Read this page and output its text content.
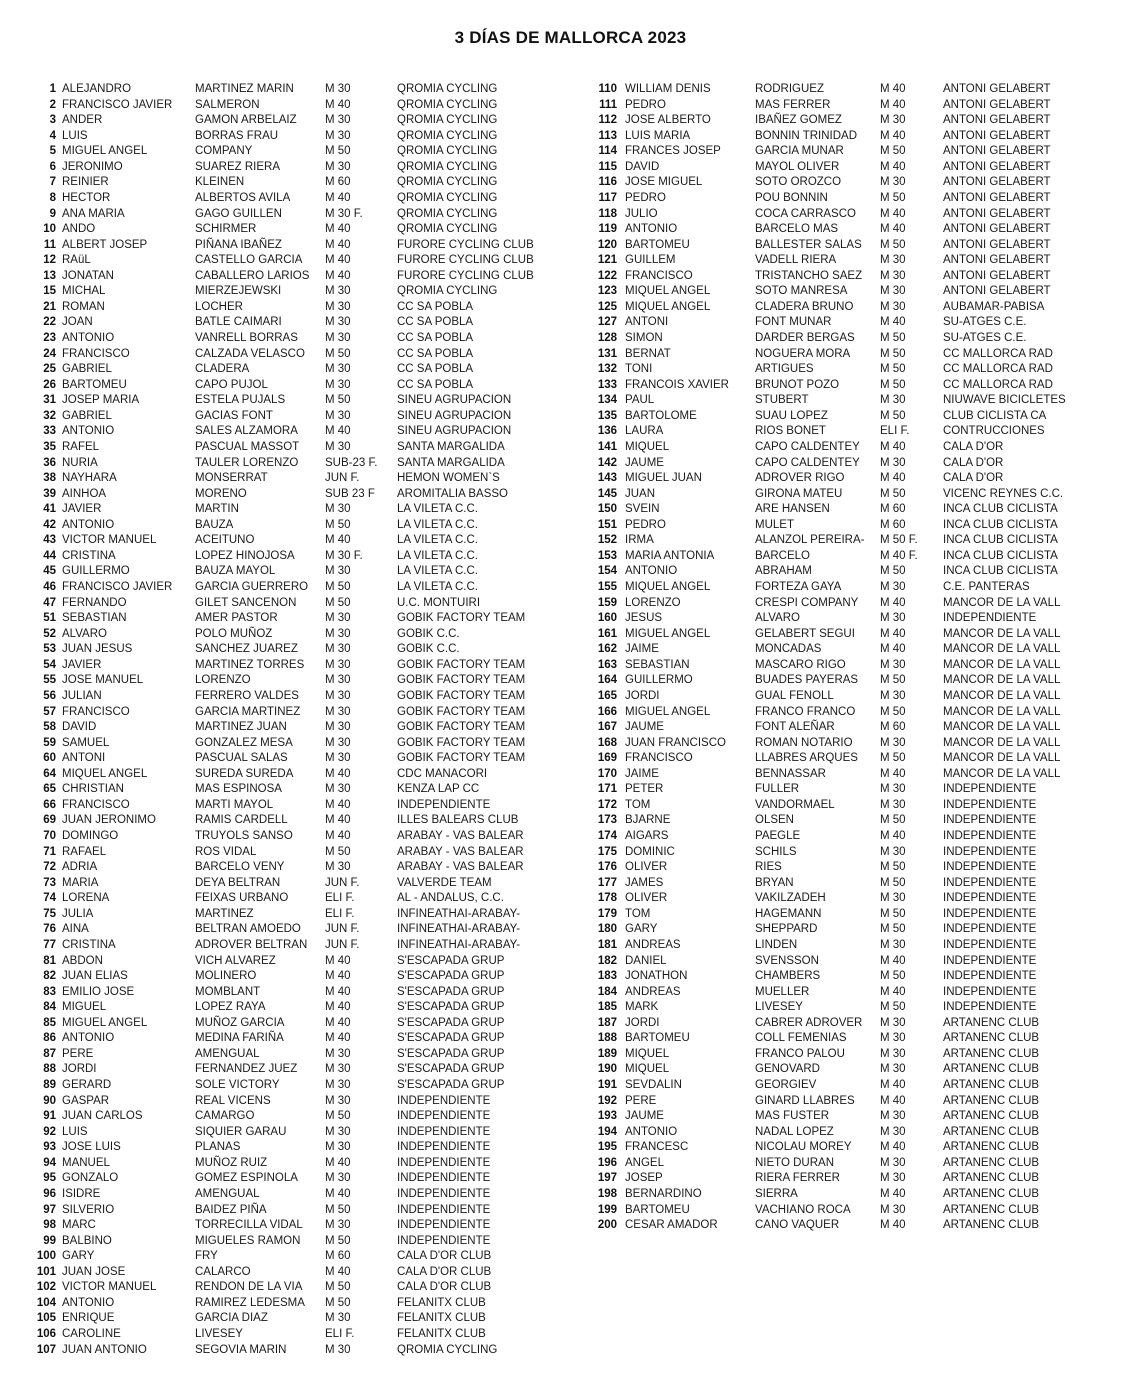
3 DÍAS DE MALLORCA 2023
1 ALEJANDRO	MARTINEZ MARIN	M 30	QROMIA CYCLING
2 FRANCISCO JAVIER	SALMERON	M 40	QROMIA CYCLING
3 ANDER	GAMON ARBELAIZ	M 30	QROMIA CYCLING
4 LUIS	BORRAS FRAU	M 30	QROMIA CYCLING
5 MIGUEL ANGEL	COMPANY	M 50	QROMIA CYCLING
6 JERONIMO	SUAREZ RIERA	M 30	QROMIA CYCLING
7 REINIER	KLEINEN	M 60	QROMIA CYCLING
8 HECTOR	ALBERTOS AVILA	M 40	QROMIA CYCLING
9 ANA MARIA	GAGO GUILLEN	M 30 F.	QROMIA CYCLING
10 ANDO	SCHIRMER	M 40	QROMIA CYCLING
11 ALBERT JOSEP	PIÑANA IBAÑEZ	M 40	FURORE CYCLING CLUB
12 RAüL	CASTELLO GARCIA	M 40	FURORE CYCLING CLUB
13 JONATAN	CABALLERO LARIOS	M 40	FURORE CYCLING CLUB
15 MICHAL	MIERZEJEWSKI	M 30	QROMIA CYCLING
21 ROMAN	LOCHER	M 30	CC SA POBLA
22 JOAN	BATLE CAIMARI	M 30	CC SA POBLA
23 ANTONIO	VANRELL BORRAS	M 30	CC SA POBLA
24 FRANCISCO	CALZADA VELASCO	M 50	CC SA POBLA
25 GABRIEL	CLADERA	M 30	CC SA POBLA
26 BARTOMEU	CAPO PUJOL	M 30	CC SA POBLA
31 JOSEP MARIA	ESTELA PUJALS	M 50	SINEU AGRUPACION
32 GABRIEL	GACIAS FONT	M 30	SINEU AGRUPACION
33 ANTONIO	SALES ALZAMORA	M 40	SINEU AGRUPACION
35 RAFEL	PASCUAL MASSOT	M 30	SANTA MARGALIDA
36 NURIA	TAULER LORENZO	SUB-23 F.	SANTA MARGALIDA
38 NAYHARA	MONSERRAT	JUN F.	HEMON WOMEN`S
39 AINHOA	MORENO	SUB 23 F	AROMITALIA BASSO
41 JAVIER	MARTIN	M 30	LA VILETA C.C.
42 ANTONIO	BAUZA	M 50	LA VILETA C.C.
43 VICTOR MANUEL	ACEITUNO	M 40	LA VILETA C.C.
44 CRISTINA	LOPEZ HINOJOSA	M 30 F.	LA VILETA C.C.
45 GUILLERMO	BAUZA MAYOL	M 30	LA VILETA C.C.
46 FRANCISCO JAVIER	GARCIA GUERRERO	M 50	LA VILETA C.C.
47 FERNANDO	GILET SANCENON	M 50	U.C. MONTUIRI
51 SEBASTIAN	AMER PASTOR	M 30	GOBIK FACTORY TEAM
52 ALVARO	POLO MUÑOZ	M 30	GOBIK C.C.
53 JUAN JESUS	SANCHEZ JUAREZ	M 30	GOBIK C.C.
54 JAVIER	MARTINEZ TORRES	M 30	GOBIK FACTORY TEAM
55 JOSE MANUEL	LORENZO	M 30	GOBIK FACTORY TEAM
56 JULIAN	FERRERO VALDES	M 30	GOBIK FACTORY TEAM
57 FRANCISCO	GARCIA MARTINEZ	M 30	GOBIK FACTORY TEAM
58 DAVID	MARTINEZ JUAN	M 30	GOBIK FACTORY TEAM
59 SAMUEL	GONZALEZ MESA	M 30	GOBIK FACTORY TEAM
60 ANTONI	PASCUAL SALAS	M 30	GOBIK FACTORY TEAM
64 MIQUEL ANGEL	SUREDA SUREDA	M 40	CDC MANACORI
65 CHRISTIAN	MAS ESPINOSA	M 30	KENZA LAP CC
66 FRANCISCO	MARTI MAYOL	M 40	INDEPENDIENTE
69 JUAN JERONIMO	RAMIS CARDELL	M 40	ILLES BALEARS CLUB
70 DOMINGO	TRUYOLS SANSO	M 40	ARABAY - VAS BALEAR
71 RAFAEL	ROS VIDAL	M 50	ARABAY - VAS BALEAR
72 ADRIA	BARCELO VENY	M 30	ARABAY - VAS BALEAR
73 MARIA	DEYA BELTRAN	JUN F.	VALVERDE TEAM
74 LORENA	FEIXAS URBANO	ELI F.	AL - ANDALUS, C.C.
75 JULIA	MARTINEZ	ELI F.	INFINEATHAI-ARABAY-
76 AINA	BELTRAN AMOEDO	JUN F.	INFINEATHAI-ARABAY-
77 CRISTINA	ADROVER BELTRAN	JUN F.	INFINEATHAI-ARABAY-
81 ABDON	VICH ALVAREZ	M 40	S'ESCAPADA GRUP
82 JUAN ELIAS	MOLINERO	M 40	S'ESCAPADA GRUP
83 EMILIO JOSE	MOMBLANT	M 40	S'ESCAPADA GRUP
84 MIGUEL	LOPEZ RAYA	M 40	S'ESCAPADA GRUP
85 MIGUEL ANGEL	MUÑOZ GARCIA	M 40	S'ESCAPADA GRUP
86 ANTONIO	MEDINA FARIÑA	M 40	S'ESCAPADA GRUP
87 PERE	AMENGUAL	M 30	S'ESCAPADA GRUP
88 JORDI	FERNANDEZ JUEZ	M 30	S'ESCAPADA GRUP
89 GERARD	SOLE VICTORY	M 30	S'ESCAPADA GRUP
90 GASPAR	REAL VICENS	M 30	INDEPENDIENTE
91 JUAN CARLOS	CAMARGO	M 50	INDEPENDIENTE
92 LUIS	SIQUIER GARAU	M 30	INDEPENDIENTE
93 JOSE LUIS	PLANAS	M 30	INDEPENDIENTE
94 MANUEL	MUÑOZ RUIZ	M 40	INDEPENDIENTE
95 GONZALO	GOMEZ ESPINOLA	M 30	INDEPENDIENTE
96 ISIDRE	AMENGUAL	M 40	INDEPENDIENTE
97 SILVERIO	BAIDEZ PIÑA	M 50	INDEPENDIENTE
98 MARC	TORRECILLA VIDAL	M 30	INDEPENDIENTE
99 BALBINO	MIGUELES RAMON	M 50	INDEPENDIENTE
100 GARY	FRY	M 60	CALA D'OR CLUB
101 JUAN JOSE	CALARCO	M 40	CALA D'OR CLUB
102 VICTOR MANUEL	RENDON DE LA VIA	M 50	CALA D'OR CLUB
104 ANTONIO	RAMIREZ LEDESMA	M 50	FELANITX CLUB
105 ENRIQUE	GARCIA DIAZ	M 30	FELANITX CLUB
106 CAROLINE	LIVESEY	ELI F.	FELANITX CLUB
107 JUAN ANTONIO	SEGOVIA MARIN	M 30	QROMIA CYCLING
110 WILLIAM DENIS	RODRIGUEZ	M 40	ANTONI GELABERT
111 PEDRO	MAS FERRER	M 40	ANTONI GELABERT
112 JOSE ALBERTO	IBAÑEZ GOMEZ	M 30	ANTONI GELABERT
113 LUIS MARIA	BONNIN TRINIDAD	M 40	ANTONI GELABERT
114 FRANCES JOSEP	GARCIA MUNAR	M 50	ANTONI GELABERT
115 DAVID	MAYOL OLIVER	M 40	ANTONI GELABERT
116 JOSE MIGUEL	SOTO OROZCO	M 30	ANTONI GELABERT
117 PEDRO	POU BONNIN	M 50	ANTONI GELABERT
118 JULIO	COCA CARRASCO	M 40	ANTONI GELABERT
119 ANTONIO	BARCELO MAS	M 40	ANTONI GELABERT
120 BARTOMEU	BALLESTER SALAS	M 50	ANTONI GELABERT
121 GUILLEM	VADELL RIERA	M 30	ANTONI GELABERT
122 FRANCISCO	TRISTANCHO SAEZ	M 30	ANTONI GELABERT
123 MIQUEL ANGEL	SOTO MANRESA	M 30	ANTONI GELABERT
125 MIQUEL ANGEL	CLADERA BRUNO	M 30	AUBAMAR-PABISA
127 ANTONI	FONT MUNAR	M 40	SU-ATGES C.E.
128 SIMON	DARDER BERGAS	M 50	SU-ATGES C.E.
131 BERNAT	NOGUERA MORA	M 50	CC MALLORCA RAD
132 TONI	ARTIGUES	M 50	CC MALLORCA RAD
133 FRANCOIS XAVIER	BRUNOT POZO	M 50	CC MALLORCA RAD
134 PAUL	STUBERT	M 30	NIUWAVE BICICLETES
135 BARTOLOME	SUAU LOPEZ	M 50	CLUB CICLISTA CA
136 LAURA	RIOS BONET	ELI F.	CONTRUCCIONES
141 MIQUEL	CAPO CALDENTEY	M 40	CALA D'OR
142 JAUME	CAPO CALDENTEY	M 30	CALA D'OR
143 MIGUEL JUAN	ADROVER RIGO	M 40	CALA D'OR
145 JUAN	GIRONA MATEU	M 50	VICENC REYNES C.C.
150 SVEIN	ARE HANSEN	M 60	INCA CLUB CICLISTA
151 PEDRO	MULET	M 60	INCA CLUB CICLISTA
152 IRMA	ALANZOL PEREIRA-	M 50 F.	INCA CLUB CICLISTA
153 MARIA ANTONIA	BARCELO	M 40 F.	INCA CLUB CICLISTA
154 ANTONIO	ABRAHAM	M 50	INCA CLUB CICLISTA
155 MIQUEL ANGEL	FORTEZA GAYA	M 30	C.E. PANTERAS
159 LORENZO	CRESPI COMPANY	M 40	MANCOR DE LA VALL
160 JESUS	ALVARO	M 30	INDEPENDIENTE
161 MIGUEL ANGEL	GELABERT SEGUI	M 40	MANCOR DE LA VALL
162 JAIME	MONCADAS	M 40	MANCOR DE LA VALL
163 SEBASTIAN	MASCARO RIGO	M 30	MANCOR DE LA VALL
164 GUILLERMO	BUADES PAYERAS	M 50	MANCOR DE LA VALL
165 JORDI	GUAL FENOLL	M 30	MANCOR DE LA VALL
166 MIGUEL ANGEL	FRANCO FRANCO	M 50	MANCOR DE LA VALL
167 JAUME	FONT ALEÑAR	M 60	MANCOR DE LA VALL
168 JUAN FRANCISCO	ROMAN NOTARIO	M 30	MANCOR DE LA VALL
169 FRANCISCO	LLABRES ARQUES	M 50	MANCOR DE LA VALL
170 JAIME	BENNASSAR	M 40	MANCOR DE LA VALL
171 PETER	FULLER	M 30	INDEPENDIENTE
172 TOM	VANDORMAEL	M 30	INDEPENDIENTE
173 BJARNE	OLSEN	M 50	INDEPENDIENTE
174 AIGARS	PAEGLE	M 40	INDEPENDIENTE
175 DOMINIC	SCHILS	M 30	INDEPENDIENTE
176 OLIVER	RIES	M 50	INDEPENDIENTE
177 JAMES	BRYAN	M 50	INDEPENDIENTE
178 OLIVER	VAKILZADEH	M 30	INDEPENDIENTE
179 TOM	HAGEMANN	M 50	INDEPENDIENTE
180 GARY	SHEPPARD	M 50	INDEPENDIENTE
181 ANDREAS	LINDEN	M 30	INDEPENDIENTE
182 DANIEL	SVENSSON	M 40	INDEPENDIENTE
183 JONATHON	CHAMBERS	M 50	INDEPENDIENTE
184 ANDREAS	MUELLER	M 40	INDEPENDIENTE
185 MARK	LIVESEY	M 50	INDEPENDIENTE
187 JORDI	CABRER ADROVER	M 30	ARTANENC CLUB
188 BARTOMEU	COLL FEMENIAS	M 30	ARTANENC CLUB
189 MIQUEL	FRANCO PALOU	M 30	ARTANENC CLUB
190 MIQUEL	GENOVARD	M 30	ARTANENC CLUB
191 SEVDALIN	GEORGIEV	M 40	ARTANENC CLUB
192 PERE	GINARD LLABRES	M 40	ARTANENC CLUB
193 JAUME	MAS FUSTER	M 30	ARTANENC CLUB
194 ANTONIO	NADAL LOPEZ	M 30	ARTANENC CLUB
195 FRANCESC	NICOLAU MOREY	M 40	ARTANENC CLUB
196 ANGEL	NIETO DURAN	M 30	ARTANENC CLUB
197 JOSEP	RIERA FERRER	M 30	ARTANENC CLUB
198 BERNARDINO	SIERRA	M 40	ARTANENC CLUB
199 BARTOMEU	VACHIANO ROCA	M 30	ARTANENC CLUB
200 CESAR AMADOR	CANO VAQUER	M 40	ARTANENC CLUB
